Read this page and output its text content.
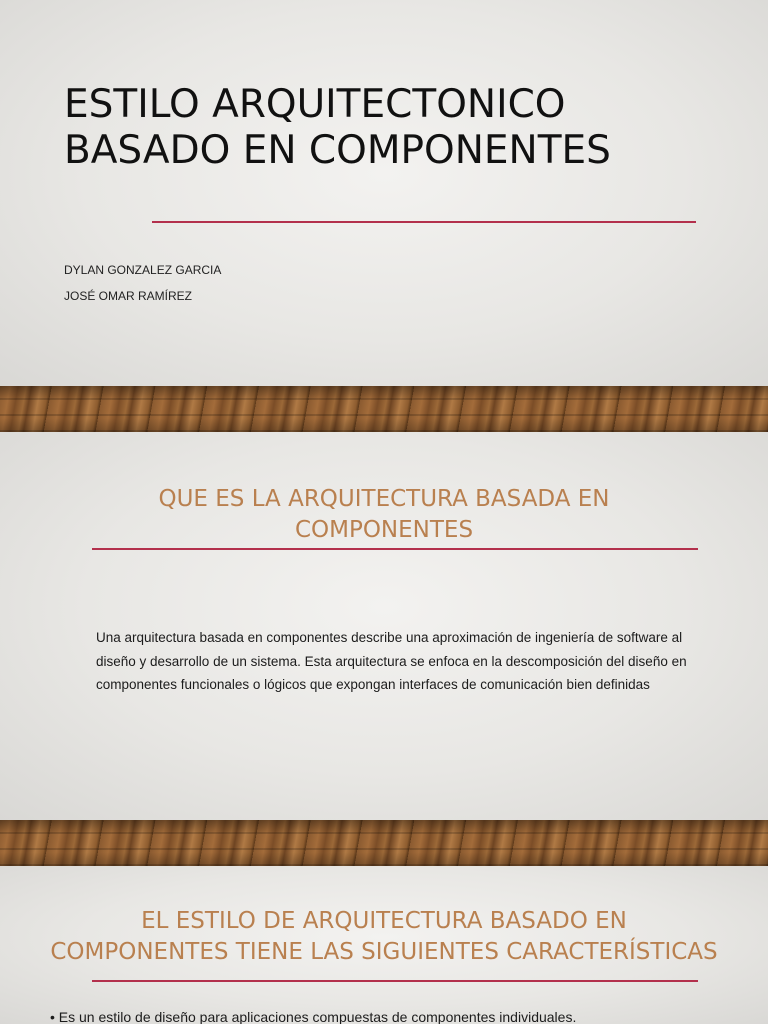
ESTILO ARQUITECTONICO
BASADO EN COMPONENTES
DYLAN GONZALEZ GARCIA
JOSÉ OMAR RAMÍREZ
QUE ES LA ARQUITECTURA BASADA EN
COMPONENTES

Una arquitectura basada en componentes describe una aproximación de ingeniería de software al diseño y desarrollo de un sistema. Esta arquitectura se enfoca en la descomposición del diseño en componentes funcionales o lógicos que expongan interfaces de comunicación bien definidas

EL ESTILO DE ARQUITECTURA BASADO EN
COMPONENTES TIENE LAS SIGUIENTES CARACTERÍSTICAS

• Es un estilo de diseño para aplicaciones compuestas de componentes individuales.
